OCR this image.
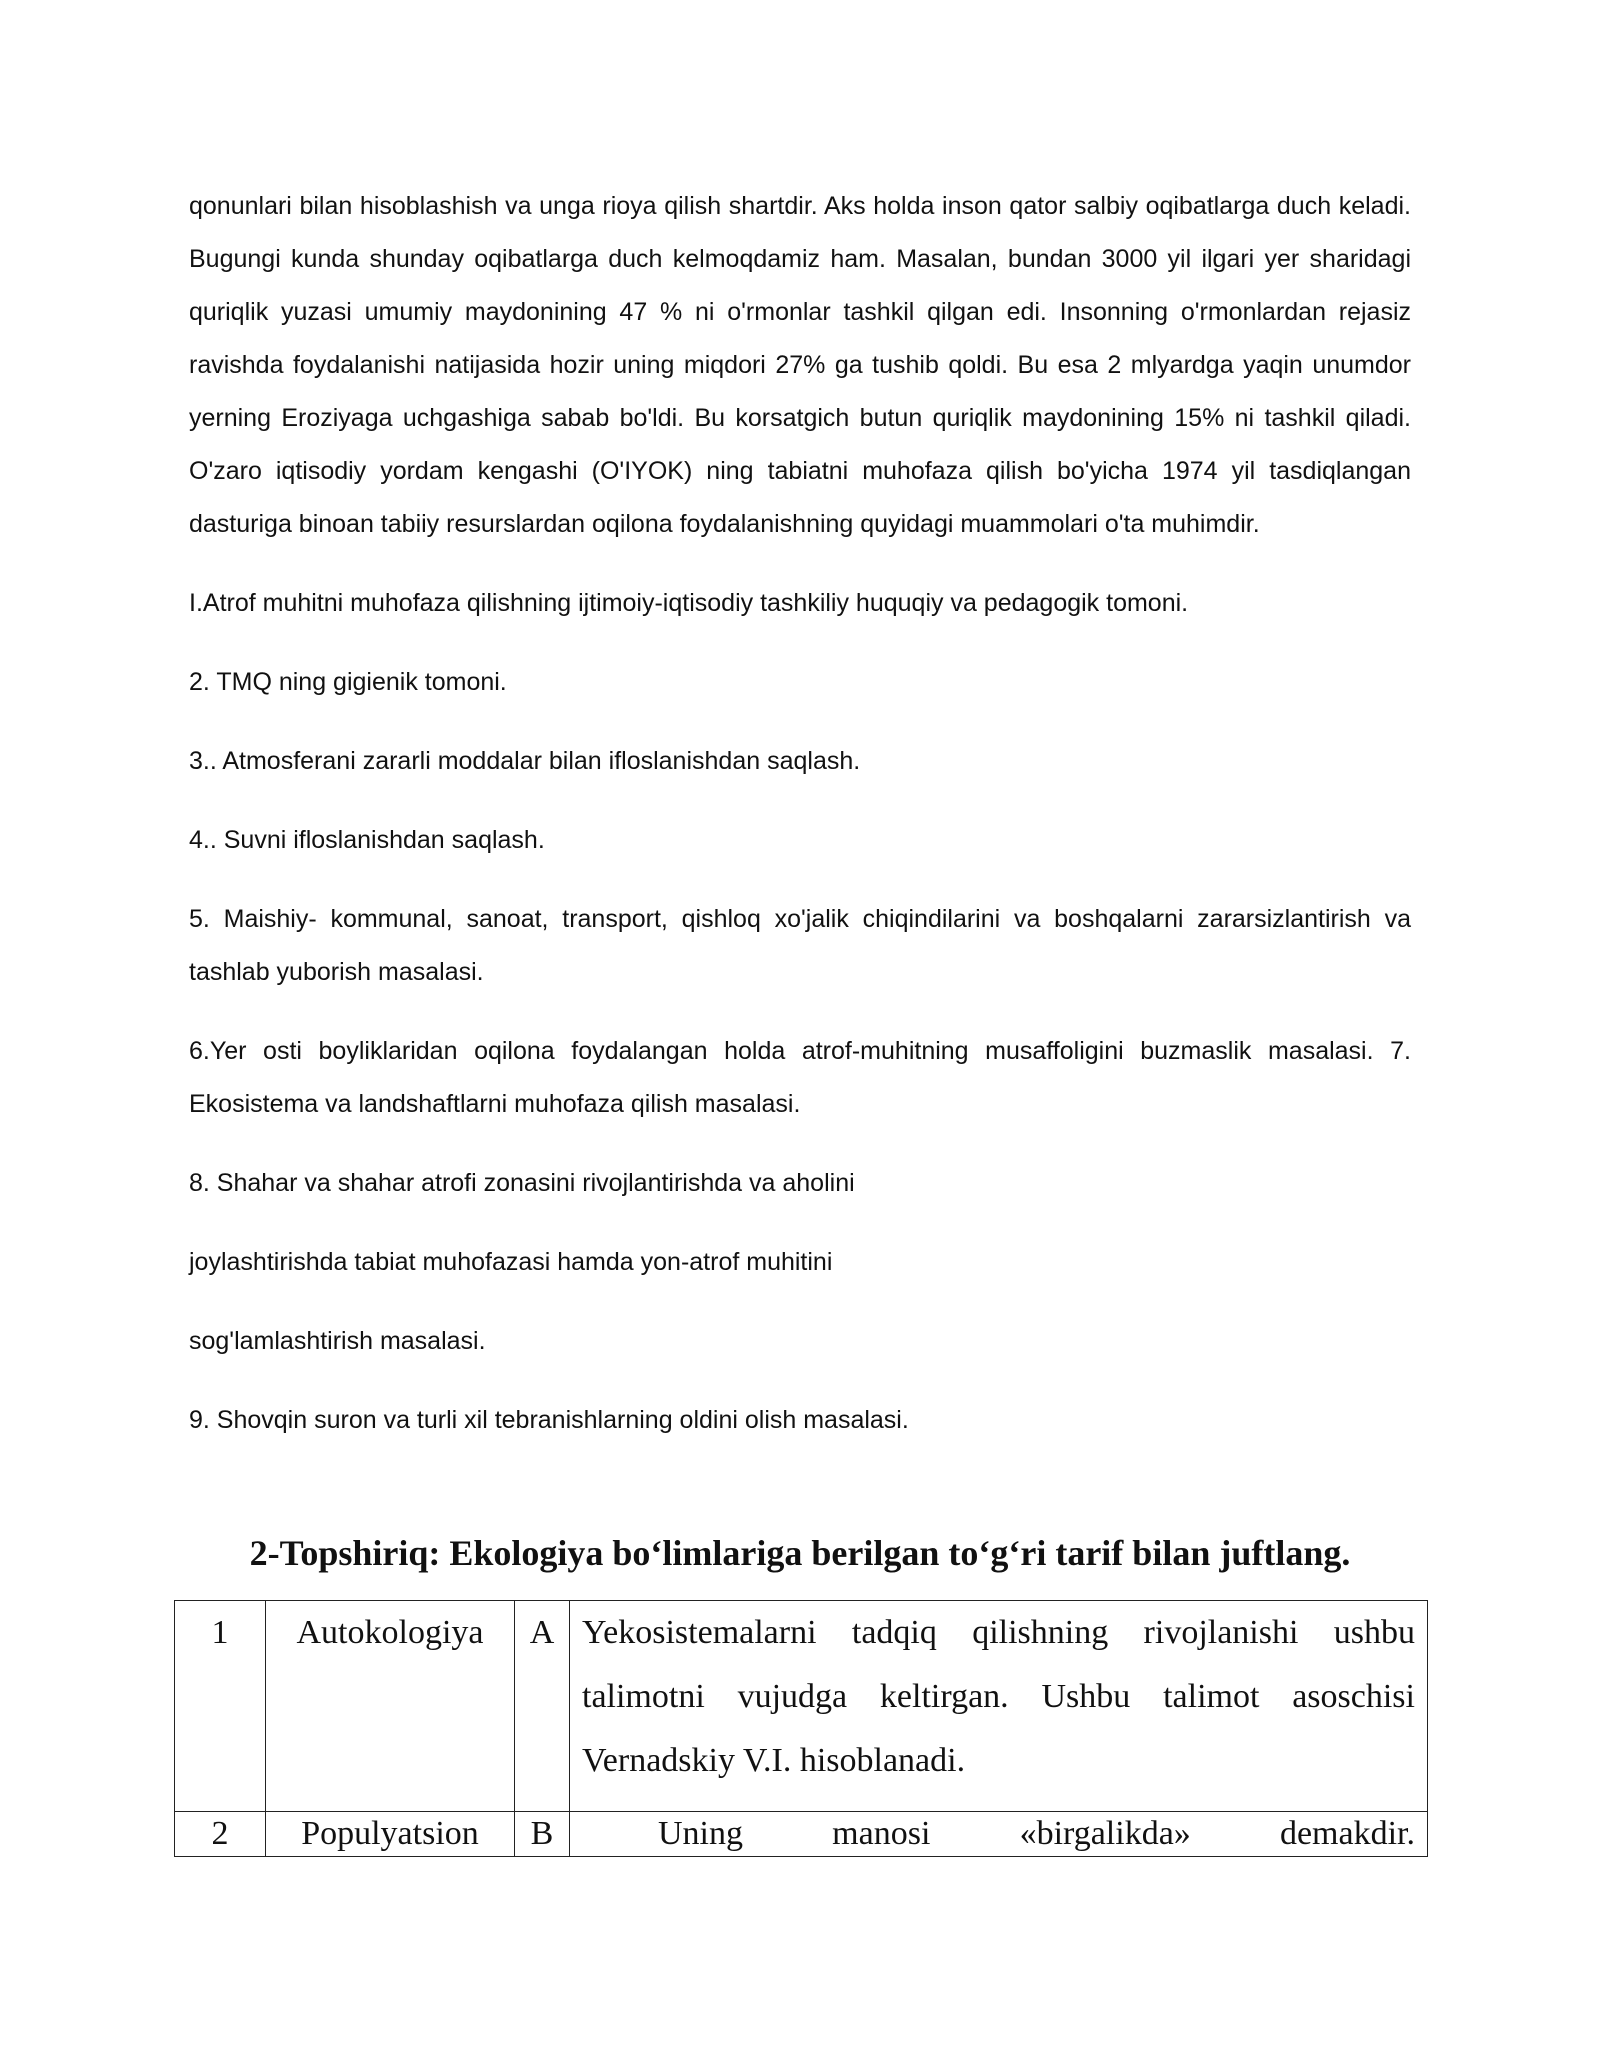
qonunlari bilan hisoblashish va unga rioya qilish shartdir. Aks holda inson qator salbiy oqibatlarga duch keladi. Bugungi kunda shunday oqibatlarga duch kelmoqdamiz ham. Masalan, bundan 3000 yil ilgari yer sharidagi quriqlik yuzasi umumiy maydonining 47 % ni o'rmonlar tashkil qilgan edi. Insonning o'rmonlardan rejasiz ravishda foydalanishi natijasida hozir uning miqdori 27% ga tushib qoldi. Bu esa 2 mlyardga yaqin unumdor yerning Eroziyaga uchgashiga sabab bo'ldi. Bu korsatgich butun quriqlik maydonining 15% ni tashkil qiladi. O'zaro iqtisodiy yordam kengashi (O'IYOK) ning tabiatni muhofaza qilish bo'yicha 1974 yil tasdiqlangan dasturiga binoan tabiiy resurslardan oqilona foydalanishning quyidagi muammolari o'ta muhimdir.

I.Atrof muhitni muhofaza qilishning ijtimoiy-iqtisodiy tashkiliy huquqiy va pedagogik tomoni.

2. TMQ ning gigienik tomoni.

3.. Atmosferani zararli moddalar bilan ifloslanishdan saqlash.

4.. Suvni ifloslanishdan saqlash.

5. Maishiy- kommunal, sanoat, transport, qishloq xo'jalik chiqindilarini va boshqalarni zararsizlantirish va tashlab yuborish masalasi.

6.Yer osti boyliklaridan oqilona foydalangan holda atrof-muhitning musaffoligini buzmaslik masalasi. 7. Ekosistema va landshaftlarni muhofaza qilish masalasi.

8. Shahar va shahar atrofi zonasini rivojlantirishda va aholini

joylashtirishda tabiat muhofazasi hamda yon-atrof muhitini

sog'lamlashtirish masalasi.

9. Shovqin suron va turli xil tebranishlarning oldini olish masalasi.

2-Topshiriq: Ekologiya bo‘limlariga berilgan to‘g‘ri tarif bilan juftlang.
1	Autokologiya	A	Yekosistemalarni tadqiq qilishning rivojlanishi ushbu talimotni vujudga keltirgan. Ushbu talimot asoschisi Vernadskiy V.I. hisoblanadi.
2	Populyatsion	B	Uning manosi «birgalikda» demakdir.
